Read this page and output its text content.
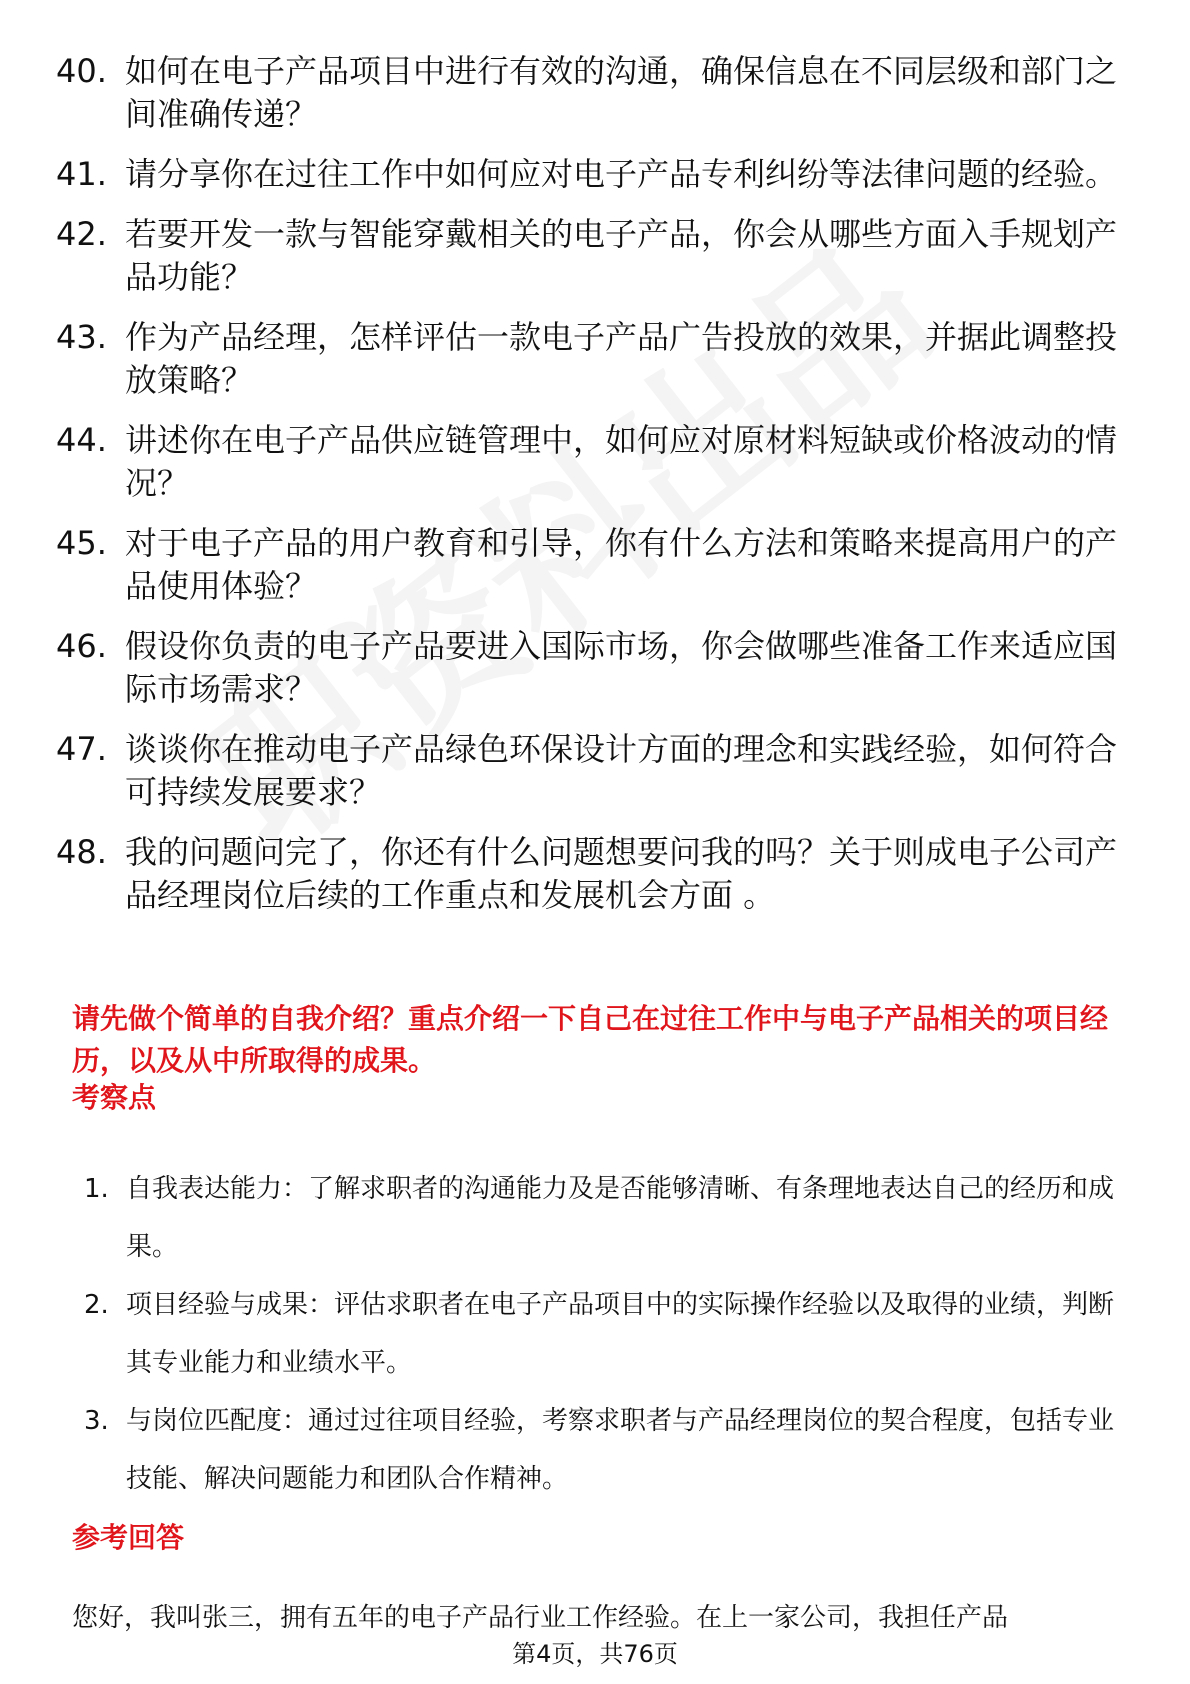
40. 如何在电子产品项目中进行有效的沟通，确保信息在不同层级和部门之间准确传递？
41. 请分享你在过往工作中如何应对电子产品专利纠纷等法律问题的经验。
42. 若要开发一款与智能穿戴相关的电子产品，你会从哪些方面入手规划产品功能？
43. 作为产品经理，怎样评估一款电子产品广告投放的效果，并据此调整投放策略？
44. 讲述你在电子产品供应链管理中，如何应对原材料短缺或价格波动的情况？
45. 对于电子产品的用户教育和引导，你有什么方法和策略来提高用户的产品使用体验？
46. 假设你负责的电子产品要进入国际市场，你会做哪些准备工作来适应国际市场需求？
47. 谈谈你在推动电子产品绿色环保设计方面的理念和实践经验，如何符合可持续发展要求？
48. 我的问题问完了，你还有什么问题想要问我的吗？关于则成电子公司产品经理岗位后续的工作重点和发展机会方面 。
请先做个简单的自我介绍？重点介绍一下自己在过往工作中与电子产品相关的项目经历，以及从中所取得的成果。
考察点
1. 自我表达能力：了解求职者的沟通能力及是否能够清晰、有条理地表达自己的经历和成果。
2. 项目经验与成果：评估求职者在电子产品项目中的实际操作经验以及取得的业绩，判断其专业能力和业绩水平。
3. 与岗位匹配度：通过过往项目经验，考察求职者与产品经理岗位的契合程度，包括专业技能、解决问题能力和团队合作精神。
参考回答
您好，我叫张三，拥有五年的电子产品行业工作经验。在上一家公司，我担任产品
第4页，共76页
